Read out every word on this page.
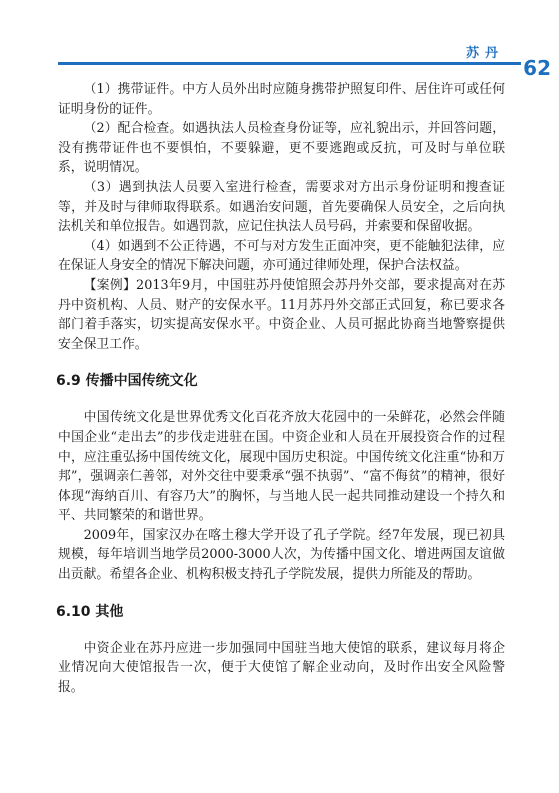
苏丹
62

（1）携带证件。中方人员外出时应随身携带护照复印件、居住许可或任何证明身份的证件。

（2）配合检查。如遇执法人员检查身份证等，应礼貌出示，并回答问题，没有携带证件也不要惧怕，不要躲避，更不要逃跑或反抗，可及时与单位联系，说明情况。

（3）遇到执法人员要入室进行检查，需要求对方出示身份证明和搜查证等，并及时与律师取得联系。如遇治安问题，首先要确保人员安全，之后向执法机关和单位报告。如遇罚款，应记住执法人员号码，并索要和保留收据。

（4）如遇到不公正待遇，不可与对方发生正面冲突，更不能触犯法律，应在保证人身安全的情况下解决问题，亦可通过律师处理，保护合法权益。

【案例】2013年9月，中国驻苏丹使馆照会苏丹外交部，要求提高对在苏丹中资机构、人员、财产的安保水平。11月苏丹外交部正式回复，称已要求各部门着手落实，切实提高安保水平。中资企业、人员可据此协商当地警察提供安全保卫工作。

6.9 传播中国传统文化

中国传统文化是世界优秀文化百花齐放大花园中的一朵鲜花，必然会伴随中国企业“走出去”的步伐走进驻在国。中资企业和人员在开展投资合作的过程中，应注重弘扬中国传统文化，展现中国历史积淀。中国传统文化注重“协和万邦”，强调亲仁善邻，对外交往中要秉承“强不执弱”、“富不侮贫”的精神，很好体现“海纳百川、有容乃大”的胸怀，与当地人民一起共同推动建设一个持久和平、共同繁荣的和谐世界。

2009年，国家汉办在喀土穆大学开设了孔子学院。经7年发展，现已初具规模，每年培训当地学员2000-3000人次，为传播中国文化、增进两国友谊做出贡献。希望各企业、机构积极支持孔子学院发展，提供力所能及的帮助。

6.10 其他

中资企业在苏丹应进一步加强同中国驻当地大使馆的联系，建议每月将企业情况向大使馆报告一次，便于大使馆了解企业动向，及时作出安全风险警报。
